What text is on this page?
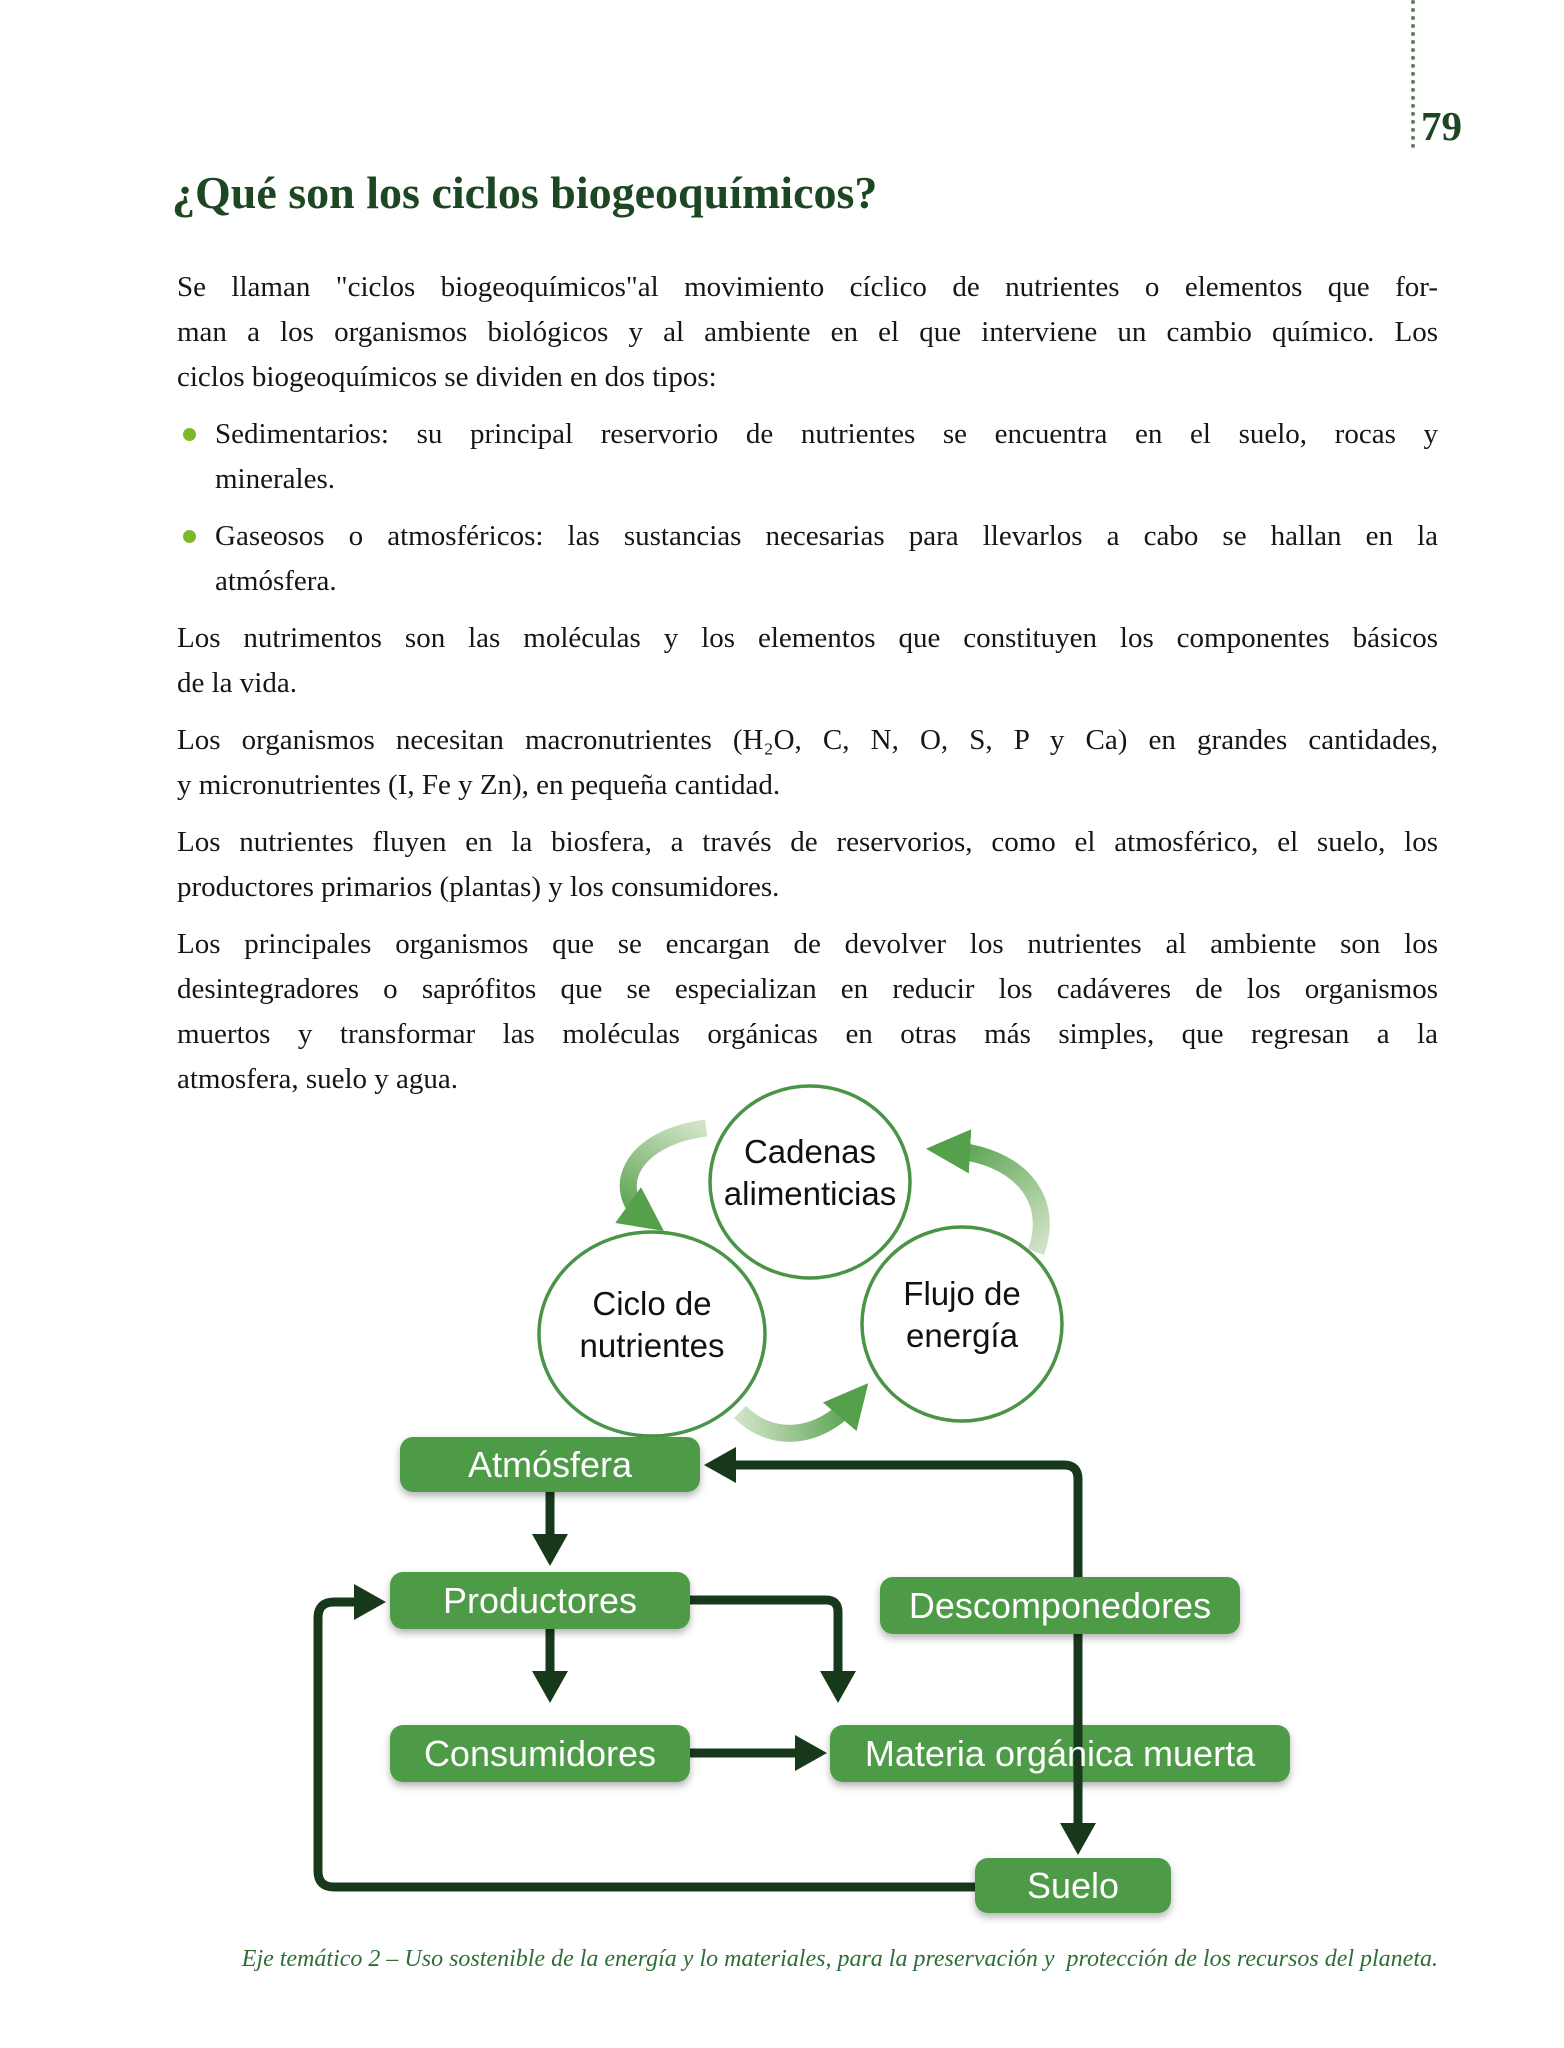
79
¿Qué son los ciclos biogeoquímicos?

Se llaman "ciclos biogeoquímicos"al movimiento cíclico de nutrientes o elementos que for-
man a los organismos biológicos y al ambiente en el que interviene un cambio químico. Los
ciclos biogeoquímicos se dividen en dos tipos:

Sedimentarios: su principal reservorio de nutrientes se encuentra en el suelo, rocas y
minerales.
Gaseosos o atmosféricos: las sustancias necesarias para llevarlos a cabo se hallan en la
atmósfera.

Los nutrimentos son las moléculas y los elementos que constituyen los componentes básicos
de la vida.

Los organismos necesitan macronutrientes (H₂O, C, N, O, S, P y Ca) en grandes cantidades,
y micronutrientes (I, Fe y Zn), en pequeña cantidad.

Los nutrientes fluyen en la biosfera, a través de reservorios, como el atmosférico, el suelo, los
productores primarios (plantas) y los consumidores.

Los principales organismos que se encargan de devolver los nutrientes al ambiente son los
desintegradores o saprófitos que se especializan en reducir los cadáveres de los organismos
muertos y transformar las moléculas orgánicas en otras más simples, que regresan a la
atmosfera, suelo y agua.

Cadenas
alimenticias
Ciclo de
nutrientes
Flujo de
energía
Atmósfera
Productores	Descomponedores
Consumidores	Materia orgánica muerta
Suelo
Eje temático 2 – Uso sostenible de la energía y lo materiales, para la preservación y  protección de los recursos del planeta.
